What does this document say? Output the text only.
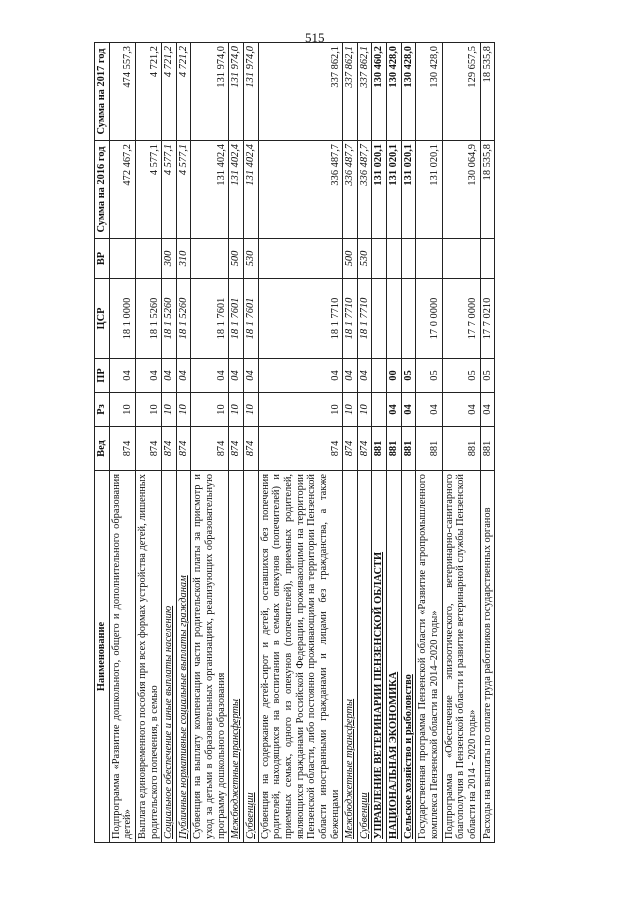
515
Наименование	Вед	Рз	ПР	ЦСР	ВР	Сумма на 2016 год	Сумма на 2017 год
Подпрограмма «Развитие дошкольного, общего и дополнительного образования детей»	874	10	04	18 1 0000		472 467,2	474 557,3
Выплата единовременного пособия при всех формах устройства детей, лишенных родительского попечения, в семью	874	10	04	18 1 5260		4 577,1	4 721,2
Социальное обеспечение и иные выплаты населению	874	10	04	18 1 5260	300	4 577,1	4 721,2
Публичные нормативные социальные выплаты гражданам	874	10	04	18 1 5260	310	4 577,1	4 721,2
Субвенция на выплату компенсации части родительской платы за присмотр и уход за детьми в образовательных организациях, реализующих образовательную программу дошкольного образования	874	10	04	18 1 7601		131 402,4	131 974,0
Межбюджетные трансферты	874	10	04	18 1 7601	500	131 402,4	131 974,0
Субвенции	874	10	04	18 1 7601	530	131 402,4	131 974,0
Субвенция на содержание детей-сирот и детей, оставшихся без попечения родителей, находящихся на воспитании в семьях опекунов (попечителей) и приемных семьях, одного из опекунов (попечителей), приемных родителей, являющихся гражданами Российской Федерации, проживающими на территории Пензенской области, либо постоянно проживающими на территории Пензенской области иностранными гражданами и лицами без гражданства, а также беженцами	874	10	04	18 1 7710		336 487,7	337 862,1
Межбюджетные трансферты	874	10	04	18 1 7710	500	336 487,7	337 862,1
Субвенции	874	10	04	18 1 7710	530	336 487,7	337 862,1
УПРАВЛЕНИЕ ВЕТЕРИНАРИИ ПЕНЗЕНСКОЙ ОБЛАСТИ	881					131 020,1	130 460,2
НАЦИОНАЛЬНАЯ ЭКОНОМИКА	881	04	00			131 020,1	130 428,0
Сельское хозяйство и рыболовство	881	04	05			131 020,1	130 428,0
Государственная программа Пензенской области «Развитие агропромышленного комплекса Пензенской области на 2014–2020 годы»	881	04	05	17 0 0000		131 020,1	130 428,0
Подпрограмма «Обеспечение эпизоотического, ветеринарно-санитарного благополучия в Пензенской области и развитие ветеринарной службы Пензенской области на 2014 - 2020 годы»	881	04	05	17 7 0000		130 064,9	129 657,5
Расходы на выплаты по оплате труда работников государственных органов	881	04	05	17 7 0210		18 535,8	18 535,8
